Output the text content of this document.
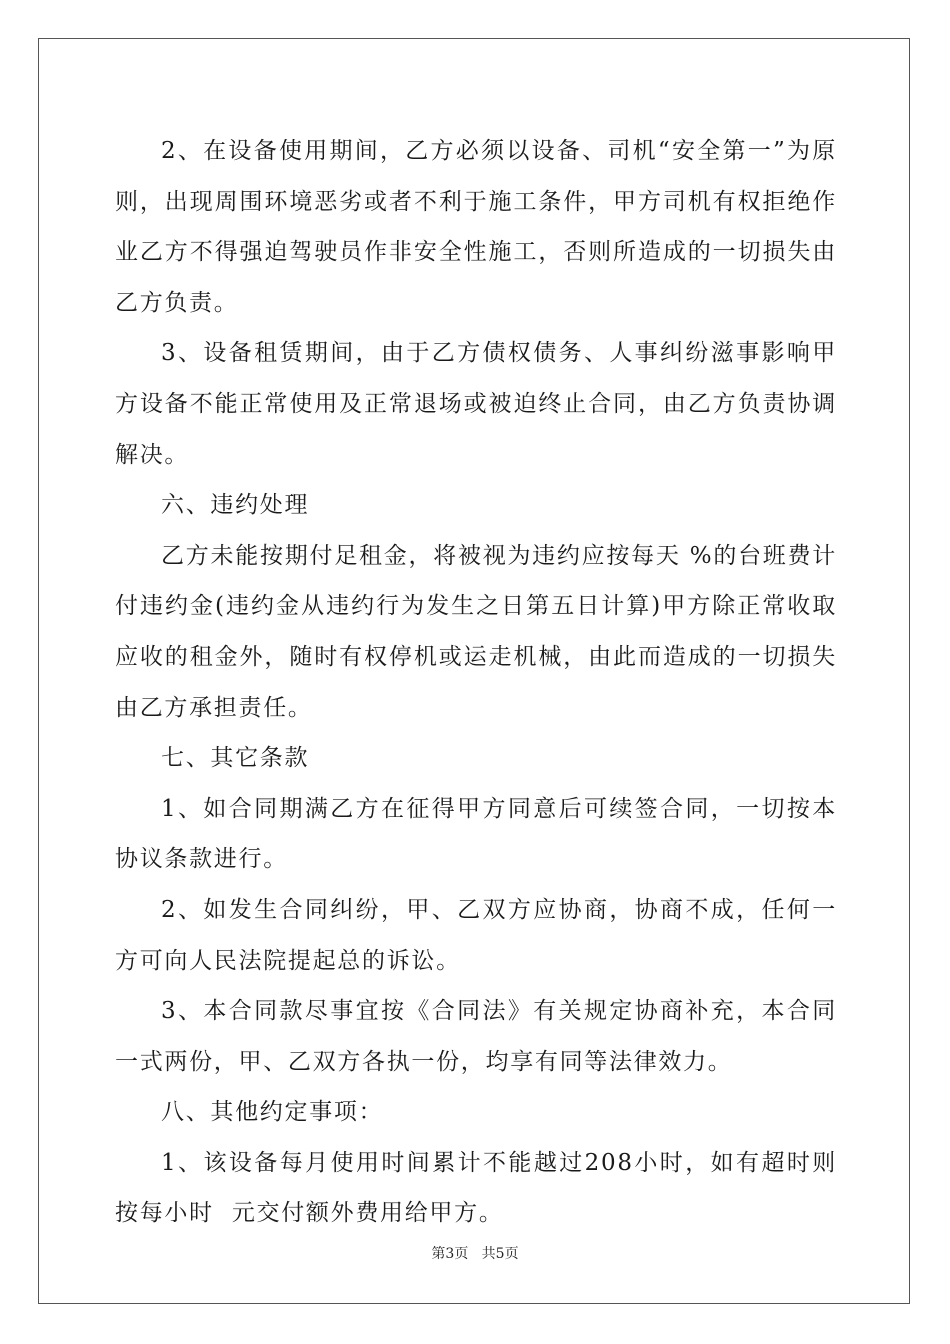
2、在设备使用期间，乙方必须以设备、司机“安全第一”为原则，出现周围环境恶劣或者不利于施工条件，甲方司机有权拒绝作业乙方不得强迫驾驶员作非安全性施工，否则所造成的一切损失由乙方负责。

3、设备租赁期间，由于乙方债权债务、人事纠纷滋事影响甲方设备不能正常使用及正常退场或被迫终止合同，由乙方负责协调解决。

六、违约处理

乙方未能按期付足租金，将被视为违约应按每天 %的台班费计付违约金(违约金从违约行为发生之日第五日计算)甲方除正常收取应收的租金外，随时有权停机或运走机械，由此而造成的一切损失由乙方承担责任。

七、其它条款

1、如合同期满乙方在征得甲方同意后可续签合同，一切按本协议条款进行。

2、如发生合同纠纷，甲、乙双方应协商，协商不成，任何一方可向人民法院提起总的诉讼。

3、本合同款尽事宜按《合同法》有关规定协商补充，本合同一式两份，甲、乙双方各执一份，均享有同等法律效力。

八、其他约定事项：

1、该设备每月使用时间累计不能越过208小时，如有超时则按每小时  元交付额外费用给甲方。

第3页   共5页
